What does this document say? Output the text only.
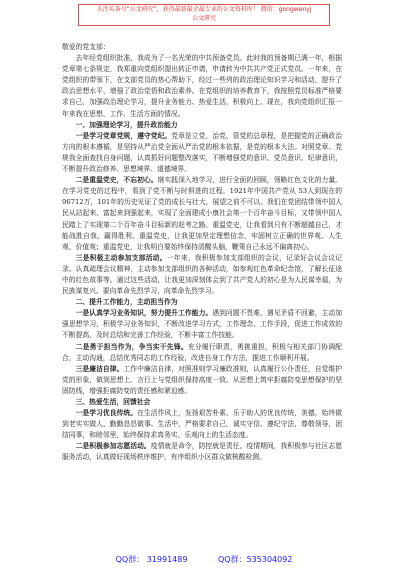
关注头条号“公文研究”，获得最新最全最专业的公文资料库！ 微信：gongwenyj
公文研究

敬爱的党支部：

去年经党组织批准，我成为了一名光荣的中共预备党员。此时我的预备期已满一年，根据党章第七条规定，我郑重向党组织提出转正申请，申请转为中共共产党正式党员。一年来，在党组织的带领下，在支部党员的热心帮助下，经过一些列的政治理论知识学习和活动，提升了政治思想水平，增强了政治觉悟和政治素养。在党组织的培养教育下，我按照党员标准严格要求自己，加强政治理论学习，提升业务能力、热爱生活，积极向上。现在，我向党组织汇报一年来我在思想、工作、生活方面的情况。

一、加强理论学习，提升政治能力

一是学习党章党规，遵守党纪。党章是立党、治党、管党的总章程，是把握党的正确政治方向的根本遵循，是坚持从严治党全面从严治党的根本依据，是党的根本大法。对照党章、党规我全面查找自身问题，认真抓好问题整改落实，不断增强党的意识、党员意识、纪律意识，不断提升政治修养、思想境界、道德境界。

二是重温党史，不忘初心。继实践深入地学习，进行全面的回顾，领略红色文化的力量。在学习党史的过程中，看到了党不断与时俱进的过程。1921年中国共产党从 53人到现在的96712万，101年的历史见证了党的成长与壮大，展望之前不可以。我们在党团结带领中国人民从站起来、富起来到强起来，实现了全面建成小康社会第一个百年奋斗目标，又带领中国人民踏上了实现第二个百年奋斗目标新的赶考之路。重温党史，让我看到只有不断超越自己，才能战胜自我，赢得胜利。重温党史，让我更加坚定理想信念，牢固树立正确的世界观、人生观、价值观；重温党史，让我明白要始终保持清醒头脑，鞭策自己永远不偏离初心。

三是积极主动参加支部活动。一年来，我积极参加支部组织的会议，记录好会议会议记录。认真疏理会议精神，主动参加支部组织的各种活动，如参观红色革命纪念馆，了解长征途中的红色故事等。通过这些活动，让我更加深刻体会到了共产党人的初心是为人民谋幸福，为民族谋复兴。要向革命先烈学习，向革命先烈学习。

二、提升工作能力，主动担当作为

一是认真学习业务知识，努力提升工作能力。遇到问题不畏难，遇见矛盾不回避，主动加强思想学习，积极学习业务知识，不断改进学习方式，工作理念、工作手段，促进工作成效的不断提高，及时总结和完善工作经验，不断丰富工作技能。

二是勇于担当作为，争当实干先锋。充分履行职责，勇挑重担，积极与相关部门协调配合，主动沟通，总结优秀同志的工作经验，改进自身工作方法，推进工作顺利开展。

三是廉洁自律。工作中廉洁自律，对照准则学习廉政准则，认真履行公仆责任，自觉维护党的形象，做到思想上、言行上与党组织保持高度一致。从思想上筑牢拒腐防变思想保护的坚固防线，增强拒腐防变的责任感和紧迫感。

三、热爱生活，回馈社会

一是学习优良传统。在生活作风上，发扬艰苦朴素、乐于助人的优良传统，美德，始终做到老实实做人、勤勤恳恳做事。生活中，严格要求自己，诚实守信、遵纪守法，尊敬领导，团结同事，和睦邻里，始终保持求真务实、乐观向上的生活态度。

二是积极参加志愿活动。疫情就是命令，防控就是责任。疫情期间，我积极参与社区志愿服务活动，认真做好现场秩序维护，有序组织小区群众做核酸检测。

QQ群： 31991489	QQ群：535304092
